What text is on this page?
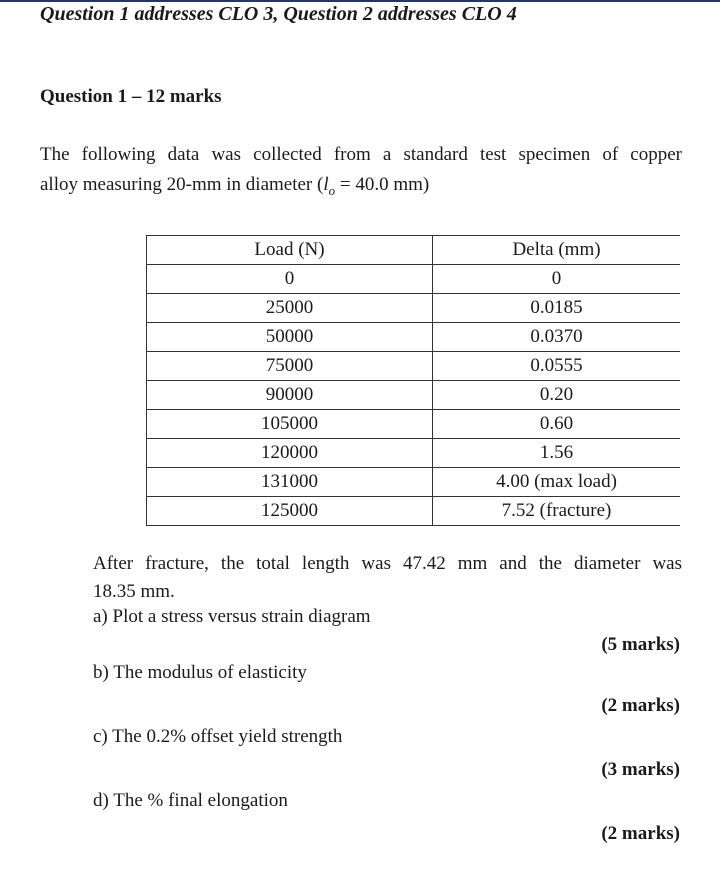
Question 1 addresses CLO 3, Question 2 addresses CLO 4
Question 1 – 12 marks
The following data was collected from a standard test specimen of copper
alloy measuring 20-mm in diameter ($l_o = 40.0$ mm)
Load (N)	Delta (mm)
0	0
25000	0.0185
50000	0.0370
75000	0.0555
90000	0.20
105000	0.60
120000	1.56
131000	4.00 (max load)
125000	7.52 (fracture)
After fracture, the total length was 47.42 mm and the diameter was
18.35 mm.
a) Plot a stress versus strain diagram
(5 marks)
b) The modulus of elasticity
(2 marks)
c) The 0.2% offset yield strength
(3 marks)
d) The % final elongation
(2 marks)
